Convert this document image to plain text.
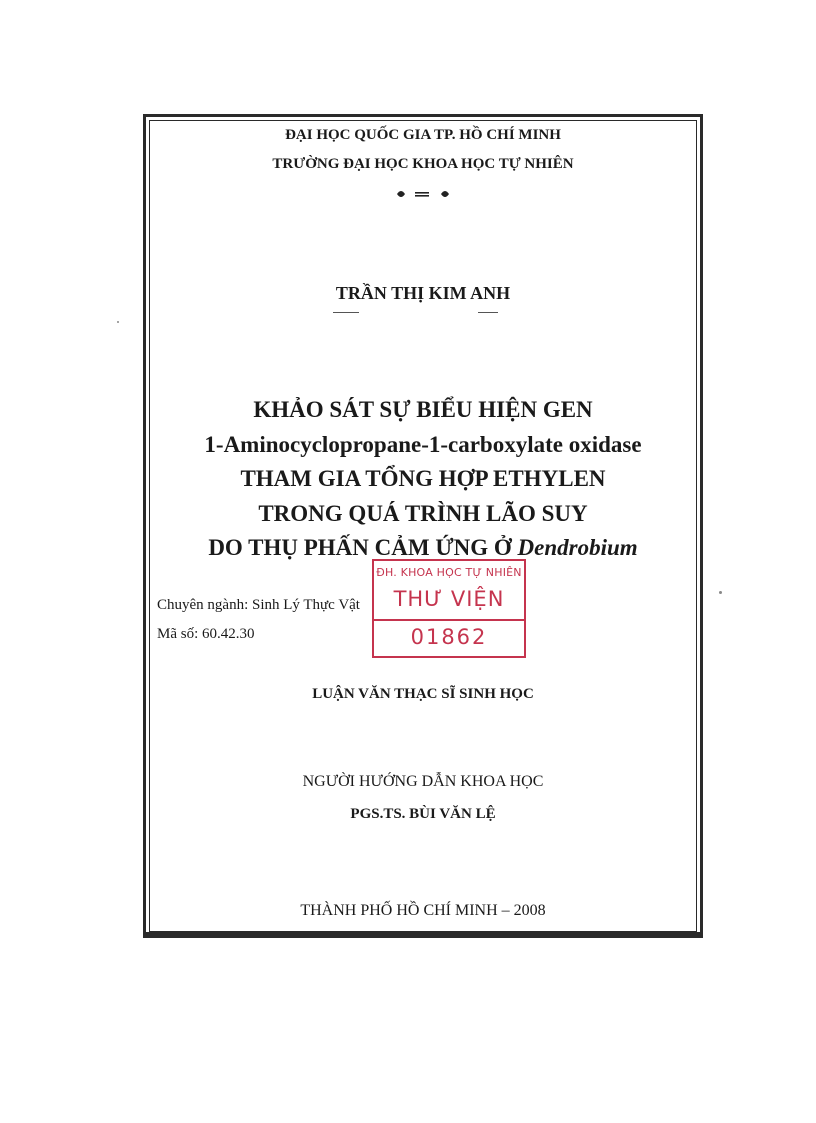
ĐẠI HỌC QUỐC GIA TP. HỒ CHÍ MINH
TRƯỜNG ĐẠI HỌC KHOA HỌC TỰ NHIÊN
TRẦN THỊ KIM ANH
KHẢO SÁT SỰ BIỂU HIỆN GEN
1-Aminocyclopropane-1-carboxylate oxidase
THAM GIA TỔNG HỢP ETHYLEN
TRONG QUÁ TRÌNH LÃO SUY
DO THỤ PHẤN CẢM ỨNG Ở Dendrobium
Chuyên ngành: Sinh Lý Thực Vật
Mã số: 60.42.30
ĐH. KHOA HỌC TỰ NHIÊN
THƯ VIỆN
01862
LUẬN VĂN THẠC SĨ SINH HỌC
NGƯỜI HƯỚNG DẪN KHOA HỌC
PGS.TS. BÙI VĂN LỆ
THÀNH PHỐ HỒ CHÍ MINH – 2008
